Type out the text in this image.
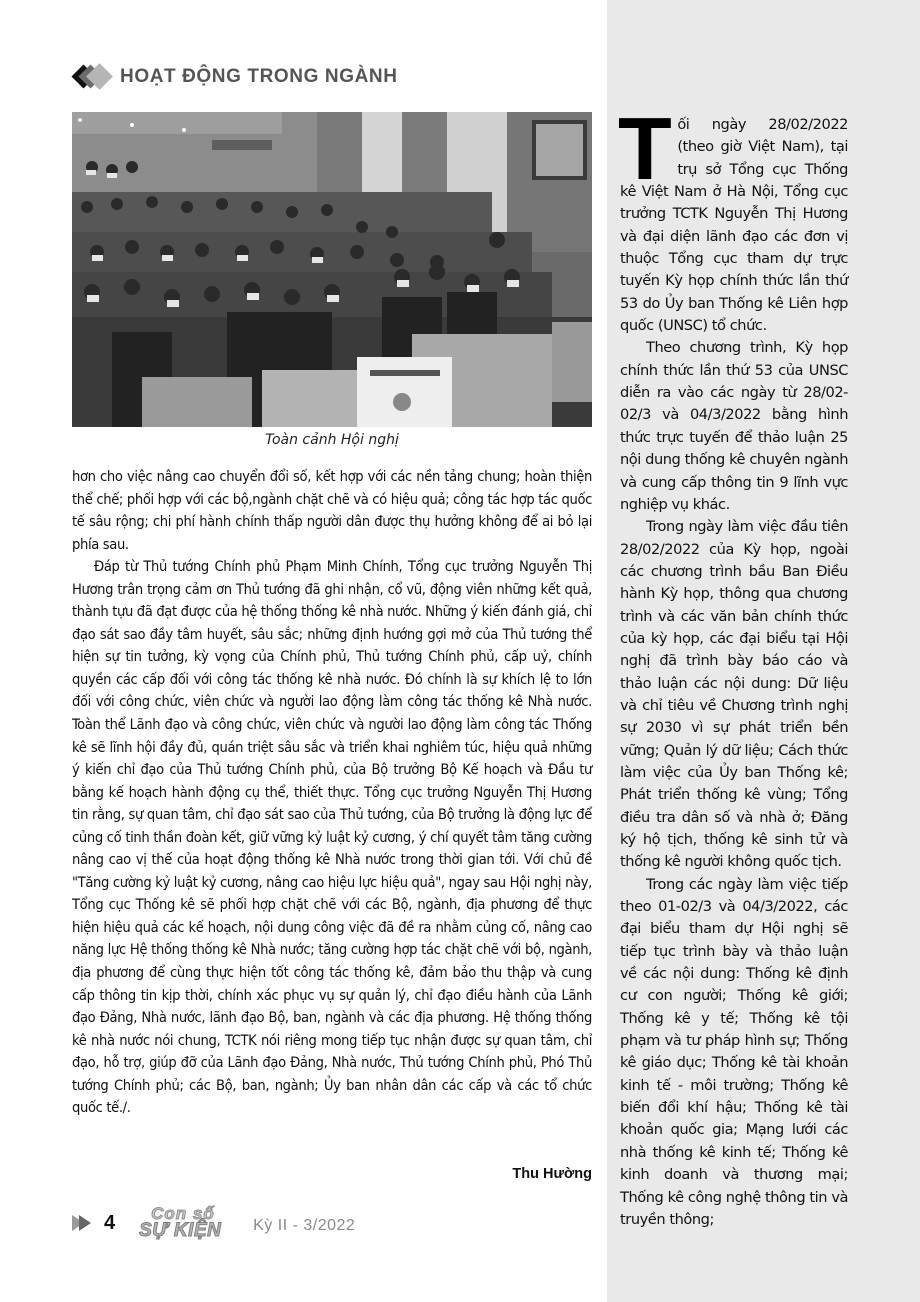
HOẠT ĐỘNG TRONG NGÀNH
Toàn cảnh Hội nghị

hơn cho việc nâng cao chuyển đổi số, kết hợp với các nền tảng chung; hoàn thiện thể chế; phối hợp với các bộ,ngành chặt chẽ và có hiệu quả; công tác hợp tác quốc tế sâu rộng; chi phí hành chính thấp người dân được thụ hưởng không để ai bỏ lại phía sau.

Đáp từ Thủ tướng Chính phủ Phạm Minh Chính, Tổng cục trưởng Nguyễn Thị Hương trân trọng cảm ơn Thủ tướng đã ghi nhận, cổ vũ, động viên những kết quả, thành tựu đã đạt được của hệ thống thống kê nhà nước. Những ý kiến đánh giá, chỉ đạo sát sao đầy tâm huyết, sâu sắc; những định hướng gợi mở của Thủ tướng thể hiện sự tin tưởng, kỳ vọng của Chính phủ, Thủ tướng Chính phủ, cấp uỷ, chính quyền các cấp đối với công tác thống kê nhà nước. Đó chính là sự khích lệ to lớn đối với công chức, viên chức và người lao động làm công tác thống kê Nhà nước. Toàn thể Lãnh đạo và công chức, viên chức và người lao động làm công tác Thống kê sẽ lĩnh hội đầy đủ, quán triệt sâu sắc và triển khai nghiêm túc, hiệu quả những ý kiến chỉ đạo của Thủ tướng Chính phủ, của Bộ trưởng Bộ Kế hoạch và Đầu tư bằng kế hoạch hành động cụ thể, thiết thực. Tổng cục trưởng Nguyễn Thị Hương tin rằng, sự quan tâm, chỉ đạo sát sao của Thủ tướng, của Bộ trưởng là động lực để củng cố tinh thần đoàn kết, giữ vững kỷ luật kỷ cương, ý chí quyết tâm tăng cường nâng cao vị thế của hoạt động thống kê Nhà nước trong thời gian tới. Với chủ đề "Tăng cường kỷ luật kỷ cương, nâng cao hiệu lực hiệu quả", ngay sau Hội nghị này, Tổng cục Thống kê sẽ phối hợp chặt chẽ với các Bộ, ngành, địa phương để thực hiện hiệu quả các kế hoạch, nội dung công việc đã đề ra nhằm củng cố, nâng cao năng lực Hệ thống thống kê Nhà nước; tăng cường hợp tác chặt chẽ với bộ, ngành, địa phương để cùng thực hiện tốt công tác thống kê, đảm bảo thu thập và cung cấp thông tin kịp thời, chính xác phục vụ sự quản lý, chỉ đạo điều hành của Lãnh đạo Đảng, Nhà nước, lãnh đạo Bộ, ban, ngành và các địa phương. Hệ thống thống kê nhà nước nói chung, TCTK nói riêng mong tiếp tục nhận được sự quan tâm, chỉ đạo, hỗ trợ, giúp đỡ của Lãnh đạo Đảng, Nhà nước, Thủ tướng Chính phủ, Phó Thủ tướng Chính phủ; các Bộ, ban, ngành; Ủy ban nhân dân các cấp và các tổ chức quốc tế./.

Thu Hường

Tối ngày 28/02/2022 (theo giờ Việt Nam), tại trụ sở Tổng cục Thống kê Việt Nam ở Hà Nội, Tổng cục trưởng TCTK Nguyễn Thị Hương và đại diện lãnh đạo các đơn vị thuộc Tổng cục tham dự trực tuyến Kỳ họp chính thức lần thứ 53 do Ủy ban Thống kê Liên hợp quốc (UNSC) tổ chức.

Theo chương trình, Kỳ họp chính thức lần thứ 53 của UNSC diễn ra vào các ngày từ 28/02-02/3 và 04/3/2022 bằng hình thức trực tuyến để thảo luận 25 nội dung thống kê chuyên ngành và cung cấp thông tin 9 lĩnh vực nghiệp vụ khác.

Trong ngày làm việc đầu tiên 28/02/2022 của Kỳ họp, ngoài các chương trình bầu Ban Điều hành Kỳ họp, thông qua chương trình và các văn bản chính thức của kỳ họp, các đại biểu tại Hội nghị đã trình bày báo cáo và thảo luận các nội dung: Dữ liệu và chỉ tiêu về Chương trình nghị sự 2030 vì sự phát triển bền vững; Quản lý dữ liệu; Cách thức làm việc của Ủy ban Thống kê; Phát triển thống kê vùng; Tổng điều tra dân số và nhà ở; Đăng ký hộ tịch, thống kê sinh tử và thống kê người không quốc tịch.

Trong các ngày làm việc tiếp theo 01-02/3 và 04/3/2022, các đại biểu tham dự Hội nghị sẽ tiếp tục trình bày và thảo luận về các nội dung: Thống kê định cư con người; Thống kê giới; Thống kê y tế; Thống kê tội phạm và tư pháp hình sự; Thống kê giáo dục; Thống kê tài khoản kinh tế - môi trường; Thống kê biến đổi khí hậu; Thống kê tài khoản quốc gia; Mạng lưới các nhà thống kê kinh tế; Thống kê kinh doanh và thương mại; Thống kê công nghệ thông tin và truyền thông;

4 Con số
SỰ KIỆN Kỳ II - 3/2022
